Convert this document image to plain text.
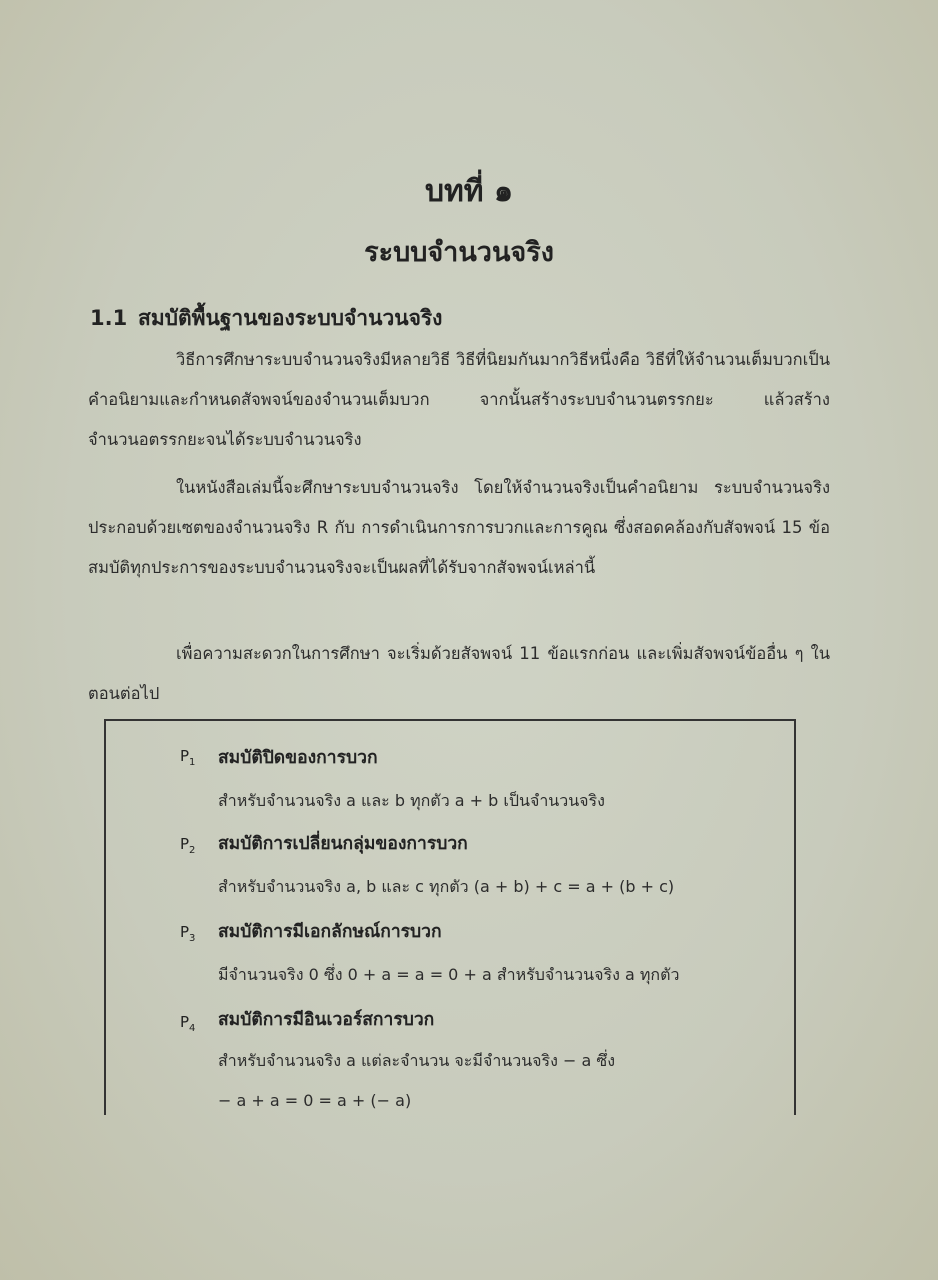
บทที่ ๑
ระบบจำนวนจริง
1.1 สมบัติพื้นฐานของระบบจำนวนจริง
วิธีการศึกษาระบบจำนวนจริงมีหลายวิธี วิธีที่นิยมกันมากวิธีหนึ่งคือ วิธีที่ให้จำนวนเต็มบวกเป็นคำอนิยามและกำหนดสัจพจน์ของจำนวนเต็มบวก จากนั้นสร้างระบบจำนวนตรรกยะ แล้วสร้างจำนวนอตรรกยะจนได้ระบบจำนวนจริง
ในหนังสือเล่มนี้จะศึกษาระบบจำนวนจริง โดยให้จำนวนจริงเป็นคำอนิยาม ระบบจำนวนจริงประกอบด้วยเซตของจำนวนจริง R กับ การดำเนินการการบวกและการคูณ ซึ่งสอดคล้องกับสัจพจน์ 15 ข้อ สมบัติทุกประการของระบบจำนวนจริงจะเป็นผลที่ได้รับจากสัจพจน์เหล่านี้
เพื่อความสะดวกในการศึกษา จะเริ่มด้วยสัจพจน์ 11 ข้อแรกก่อน และเพิ่มสัจพจน์ข้ออื่น ๆ ในตอนต่อไป
$P_1$ สมบัติปิดของการบวก
สำหรับจำนวนจริง a และ b ทุกตัว a + b เป็นจำนวนจริง
$P_2$ สมบัติการเปลี่ยนกลุ่มของการบวก
สำหรับจำนวนจริง a, b และ c ทุกตัว (a + b) + c = a + (b + c)
$P_3$ สมบัติการมีเอกลักษณ์การบวก
มีจำนวนจริง 0 ซึ่ง 0 + a = a = 0 + a สำหรับจำนวนจริง a ทุกตัว
$P_4$ สมบัติการมีอินเวอร์สการบวก
สำหรับจำนวนจริง a แต่ละจำนวน จะมีจำนวนจริง − a ซึ่ง
− a + a = 0 = a + (− a)
